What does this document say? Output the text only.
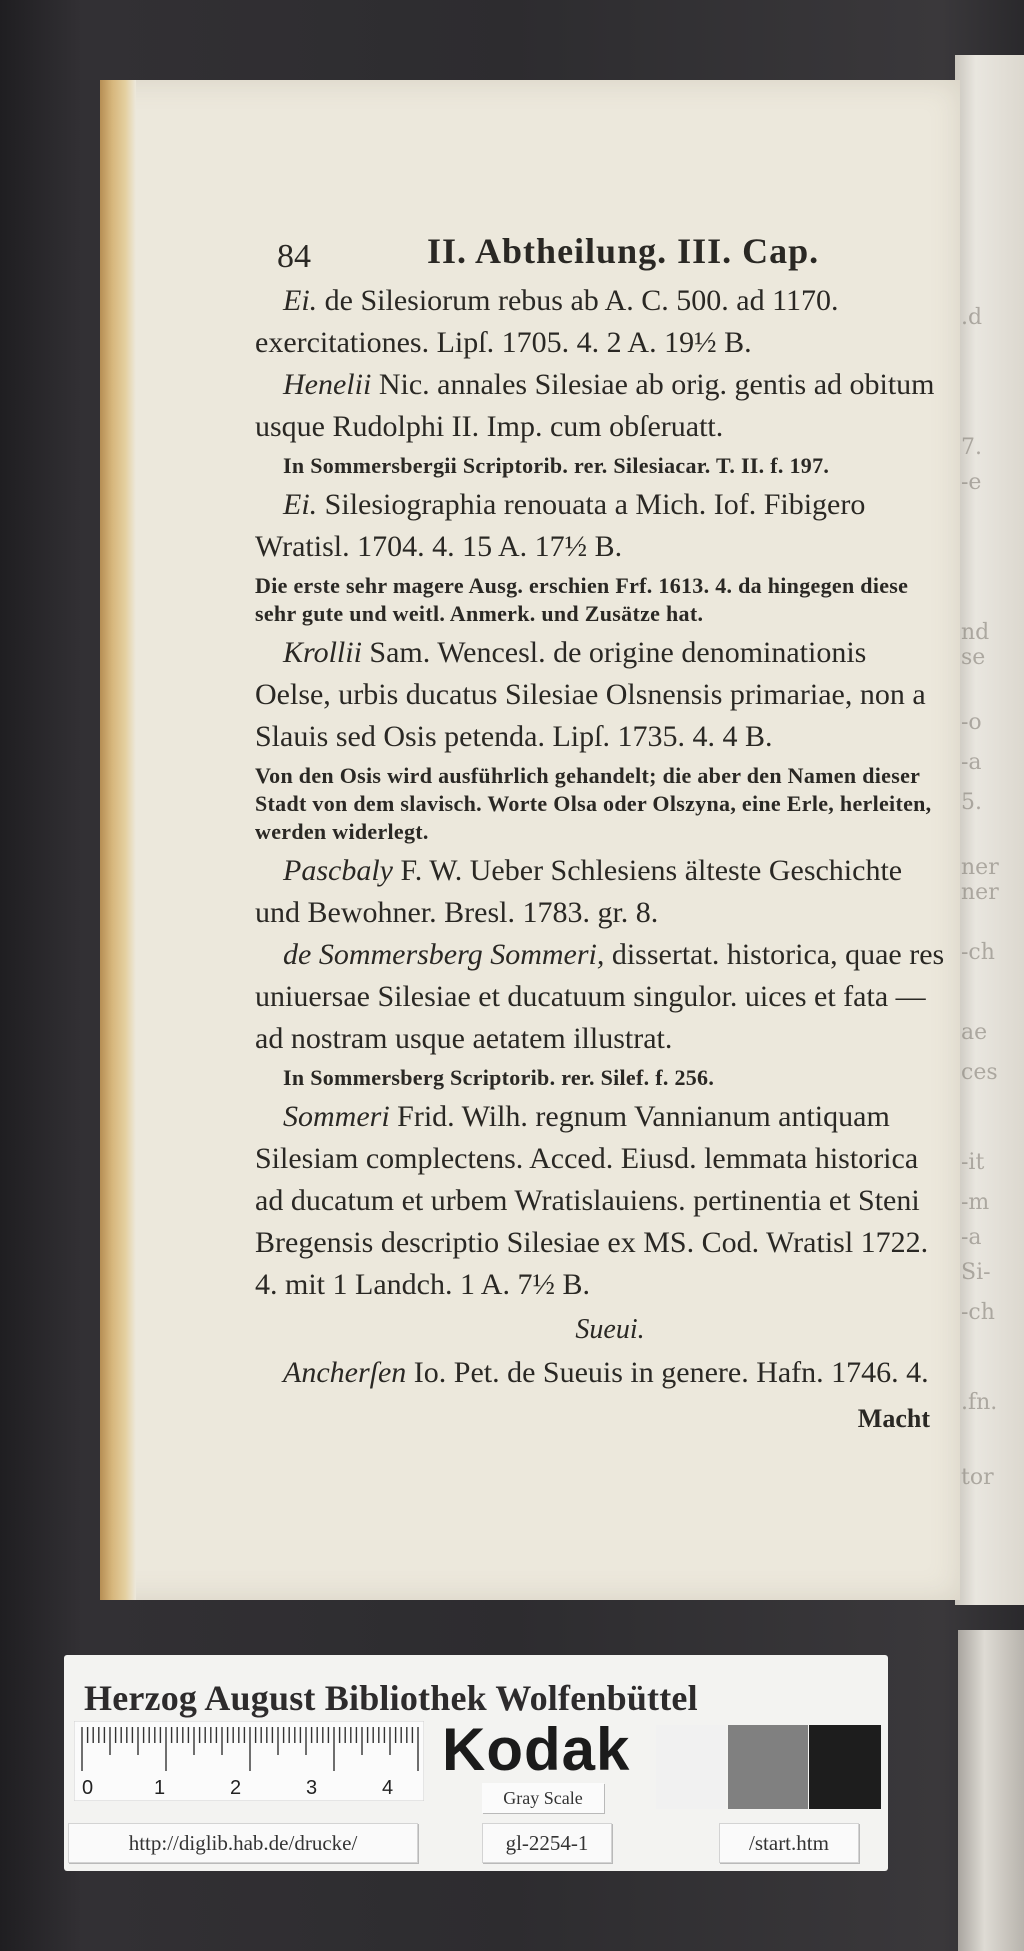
.d
7.
-e
nd
se
-o
-a
5.
ner
ner
-ch
ae
ces
-it
-m
-a
Si-
-ch
.fn.
tor
84	II. Abtheilung. III. Cap.

Ei. de Silesiorum rebus ab A. C. 500. ad 1170. exercitationes. Lipſ. 1705. 4. 2 A. 19½ B.

Henelii Nic. annales Silesiae ab orig. gentis ad obitum usque Rudolphi II. Imp. cum obſeruatt.

In Sommersbergii Scriptorib. rer. Silesiacar. T. II. f. 197.

Ei. Silesiographia renouata a Mich. Iof. Fibigero Wratisl. 1704. 4. 15 A. 17½ B.

Die erste sehr magere Ausg. erschien Frf. 1613. 4. da hingegen diese sehr gute und weitl. Anmerk. und Zusätze hat.

Krollii Sam. Wencesl. de origine denominationis Oelse, urbis ducatus Silesiae Olsnensis primariae, non a Slauis sed Osis petenda. Lipſ. 1735. 4. 4 B.

Von den Osis wird ausführlich gehandelt; die aber den Namen dieser Stadt von dem slavisch. Worte Olsa oder Olszyna, eine Erle, herleiten, werden widerlegt.

Pascbaly F. W. Ueber Schlesiens älteste Geschichte und Bewohner. Bresl. 1783. gr. 8.

de Sommersberg Sommeri, dissertat. historica, quae res uniuersae Silesiae et ducatuum singulor. uices et fata — ad nostram usque aetatem illustrat.

In Sommersberg Scriptorib. rer. Silef. f. 256.

Sommeri Frid. Wilh. regnum Vannianum antiquam Silesiam complectens. Acced. Eiusd. lemmata historica ad ducatum et urbem Wratislauiens. pertinentia et Steni Bregensis descriptio Silesiae ex MS. Cod. Wratisl 1722. 4. mit 1 Landch. 1 A. 7½ B.

Sueui.

Ancherſen Io. Pet. de Sueuis in genere. Hafn. 1746. 4.

Macht
Herzog August Bibliothek Wolfenbüttel
0	1	2	3	4
Kodak
Gray Scale
http://diglib.hab.de/drucke/	gl-2254-1	/start.htm
